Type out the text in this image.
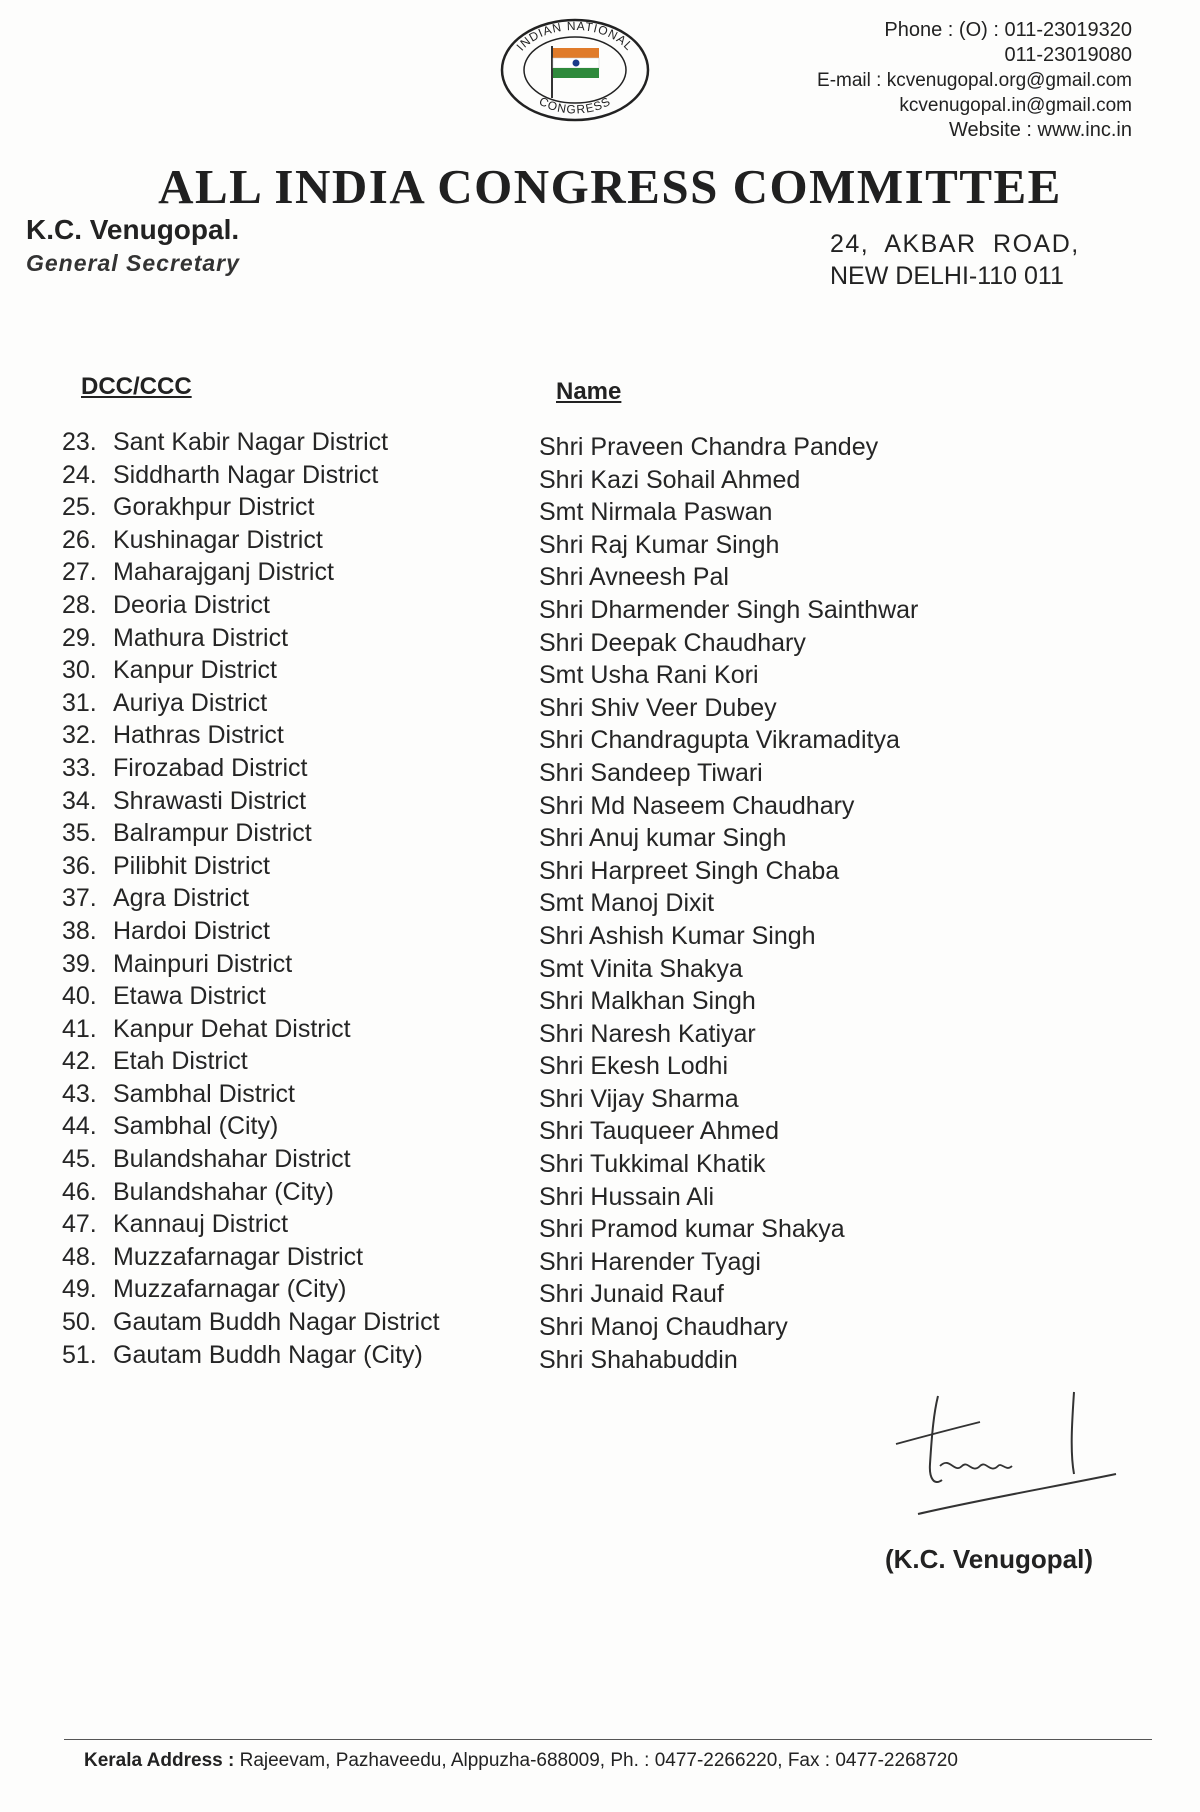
INDIAN NATIONAL
CONGRESS
Phone : (O) : 011-23019320
011-23019080
E-mail : kcvenugopal.org@gmail.com
kcvenugopal.in@gmail.com
Website : www.inc.in
ALL INDIA CONGRESS COMMITTEE
K.C. Venugopal.
General Secretary
24, AKBAR ROAD,
NEW DELHI-110 011
DCC/CCC	Name
23. Sant Kabir Nagar District	Shri Praveen Chandra Pandey
24. Siddharth Nagar District	Shri Kazi Sohail Ahmed
25. Gorakhpur District	Smt Nirmala Paswan
26. Kushinagar District	Shri Raj Kumar Singh
27. Maharajganj District	Shri Avneesh Pal
28. Deoria District	Shri Dharmender Singh Sainthwar
29. Mathura District	Shri Deepak Chaudhary
30. Kanpur District	Smt Usha Rani Kori
31. Auriya District	Shri Shiv Veer Dubey
32. Hathras District	Shri Chandragupta Vikramaditya
33. Firozabad District	Shri Sandeep Tiwari
34. Shrawasti District	Shri Md Naseem Chaudhary
35. Balrampur District	Shri Anuj kumar Singh
36. Pilibhit District	Shri Harpreet Singh Chaba
37. Agra District	Smt Manoj Dixit
38. Hardoi District	Shri Ashish Kumar Singh
39. Mainpuri District	Smt Vinita Shakya
40. Etawa District	Shri Malkhan Singh
41. Kanpur Dehat District	Shri Naresh Katiyar
42. Etah District	Shri Ekesh Lodhi
43. Sambhal District	Shri Vijay Sharma
44. Sambhal (City)	Shri Tauqueer Ahmed
45. Bulandshahar District	Shri Tukkimal Khatik
46. Bulandshahar (City)	Shri Hussain Ali
47. Kannauj District	Shri Pramod kumar Shakya
48. Muzzafarnagar District	Shri Harender Tyagi
49. Muzzafarnagar (City)	Shri Junaid Rauf
50. Gautam Buddh Nagar District	Shri Manoj Chaudhary
51. Gautam Buddh Nagar (City)	Shri Shahabuddin
(K.C. Venugopal)
Kerala Address : Rajeevam, Pazhaveedu, Alppuzha-688009, Ph. : 0477-2266220, Fax : 0477-2268720
